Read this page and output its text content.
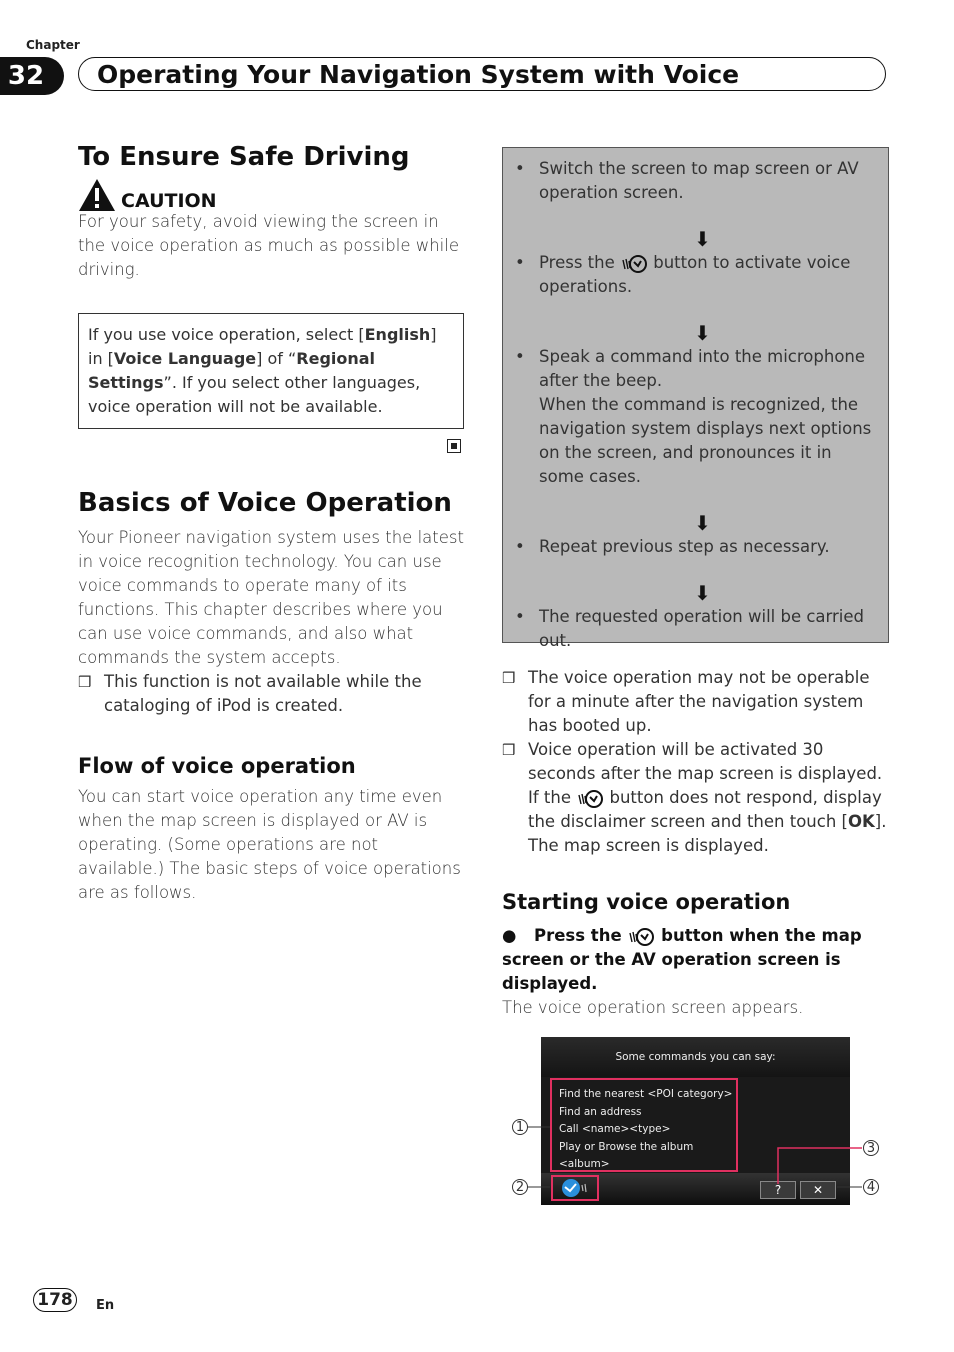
Chapter
32	Operating Your Navigation System with Voice
To Ensure Safe Driving
CAUTION
For your safety, avoid viewing the screen in the voice operation as much as possible while driving.
If you use voice operation, select [English] in [Voice Language] of “Regional Settings”. If you select other languages, voice operation will not be available.
Basics of Voice Operation
Your Pioneer navigation system uses the latest in voice recognition technology. You can use voice commands to operate many of its functions. This chapter describes where you can use voice commands, and also what commands the system accepts.
❒ This function is not available while the cataloging of iPod is created.
Flow of voice operation
You can start voice operation any time even when the map screen is displayed or AV is operating. (Some operations are not available.) The basic steps of voice operations are as follows.
• Switch the screen to map screen or AV operation screen.
⬇
• Press the button to activate voice operations.
⬇
• Speak a command into the microphone after the beep.
When the command is recognized, the navigation system displays next options on the screen, and pronounces it in some cases.
⬇
• Repeat previous step as necessary.
⬇
• The requested operation will be carried out.
❒ The voice operation may not be operable for a minute after the navigation system has booted up.
❒ Voice operation will be activated 30 seconds after the map screen is displayed.
If the button does not respond, display the disclaimer screen and then touch [OK].
The map screen is displayed.
Starting voice operation
● Press the button when the map screen or the AV operation screen is displayed.
The voice operation screen appears.
Some commands you can say:
Find the nearest <POI category>
Find an address
Call <name><type>
Play or Browse the album <album>
?	✕
1
2
3
4
178	En
